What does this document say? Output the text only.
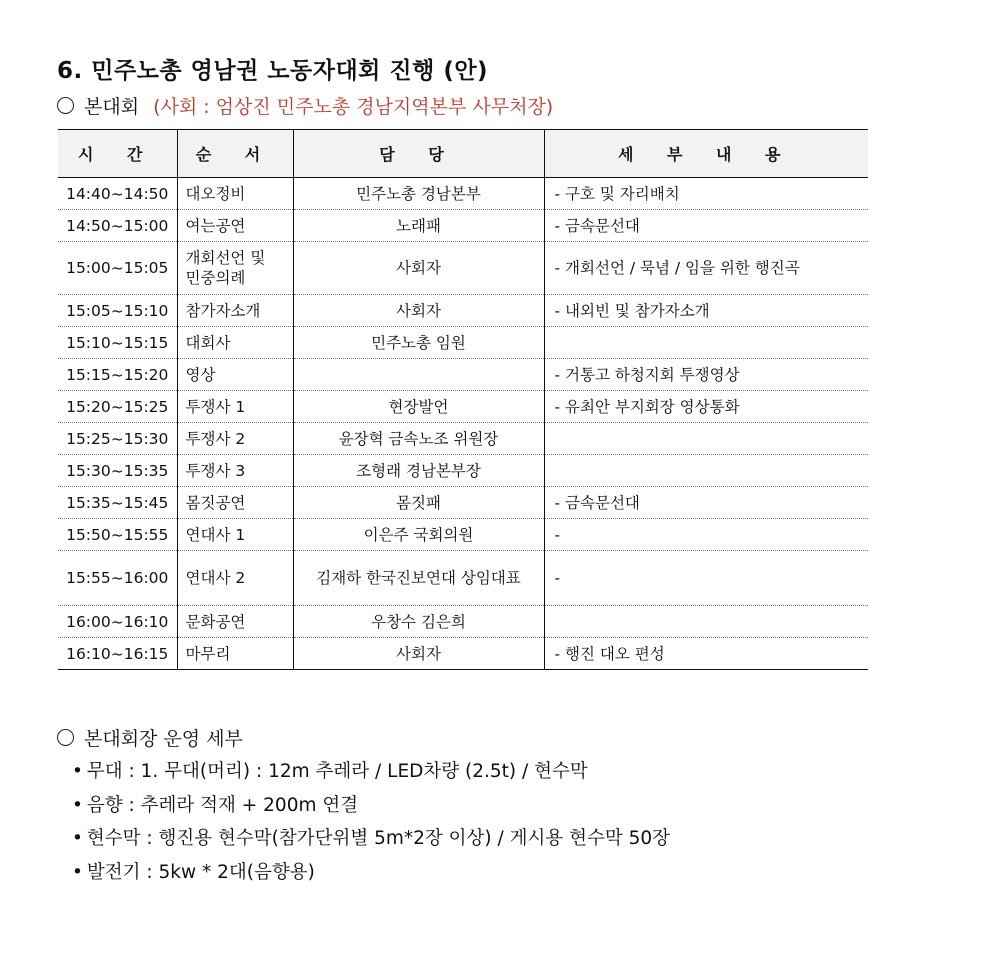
6. 민주노총 영남권 노동자대회 진행 (안)
본대회 (사회 : 엄상진 민주노총 경남지역본부 사무처장)
시 간	순 서	담 당	세 부 내 용
14:40~14:50	대오정비	민주노총 경남본부	- 구호 및 자리배치
14:50~15:00	여는공연	노래패	- 금속문선대
15:00~15:05	개회선언 및 민중의례	사회자	- 개회선언 / 묵념 / 임을 위한 행진곡
15:05~15:10	참가자소개	사회자	- 내외빈 및 참가자소개
15:10~15:15	대회사	민주노총 임원	
15:15~15:20	영상		- 거통고 하청지회 투쟁영상
15:20~15:25	투쟁사 1	현장발언	- 유최안 부지회장 영상통화
15:25~15:30	투쟁사 2	윤장혁 금속노조 위원장	
15:30~15:35	투쟁사 3	조형래 경남본부장	
15:35~15:45	몸짓공연	몸짓패	- 금속문선대
15:50~15:55	연대사 1	이은주 국회의원	-
15:55~16:00	연대사 2	김재하 한국진보연대 상임대표	-
16:00~16:10	문화공연	우창수 김은희	
16:10~16:15	마무리	사회자	- 행진 대오 편성
본대회장 운영 세부
• 무대 : 1. 무대(머리) : 12m 추레라 / LED차량 (2.5t) / 현수막
• 음향 : 추레라 적재 + 200m 연결
• 현수막 : 행진용 현수막(참가단위별 5m*2장 이상) / 게시용 현수막 50장
• 발전기 : 5kw * 2대(음향용)
